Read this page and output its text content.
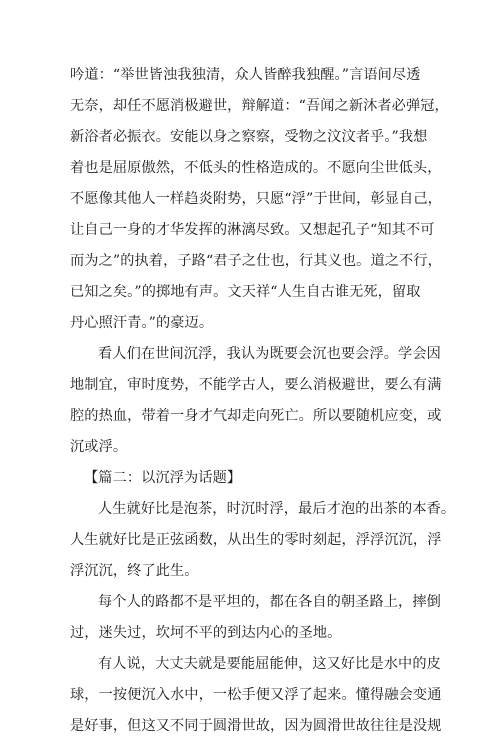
吟道：“举世皆浊我独清，众人皆醉我独醒。”言语间尽透
无奈，却任不愿消极避世，辩解道：“吾闻之新沐者必弹冠，
新浴者必振衣。安能以身之察察，受物之汶汶者乎。”我想
着也是屈原傲然，不低头的性格造成的。不愿向尘世低头，
不愿像其他人一样趋炎附势，只愿“浮”于世间，彰显自己，
让自己一身的才华发挥的淋漓尽致。又想起孔子“知其不可
而为之”的执着，子路“君子之仕也，行其义也。道之不行，
已知之矣。”的掷地有声。文天祥“人生自古谁无死，留取
丹心照汗青。”的豪迈。
看人们在世间沉浮，我认为既要会沉也要会浮。学会因
地制宜，审时度势，不能学古人，要么消极避世，要么有满
腔的热血，带着一身才气却走向死亡。所以要随机应变，或
沉或浮。
【篇二：以沉浮为话题】
人生就好比是泡茶，时沉时浮，最后才泡的出茶的本香。
人生就好比是正弦函数，从出生的零时刻起，浮浮沉沉，浮
浮沉沉，终了此生。
每个人的路都不是平坦的，都在各自的朝圣路上，摔倒
过，迷失过，坎坷不平的到达内心的圣地。
有人说，大丈夫就是要能屈能伸，这又好比是水中的皮
球，一按便沉入水中，一松手便又浮了起来。懂得融会变通
是好事，但这又不同于圆滑世故，因为圆滑世故往往是没规
